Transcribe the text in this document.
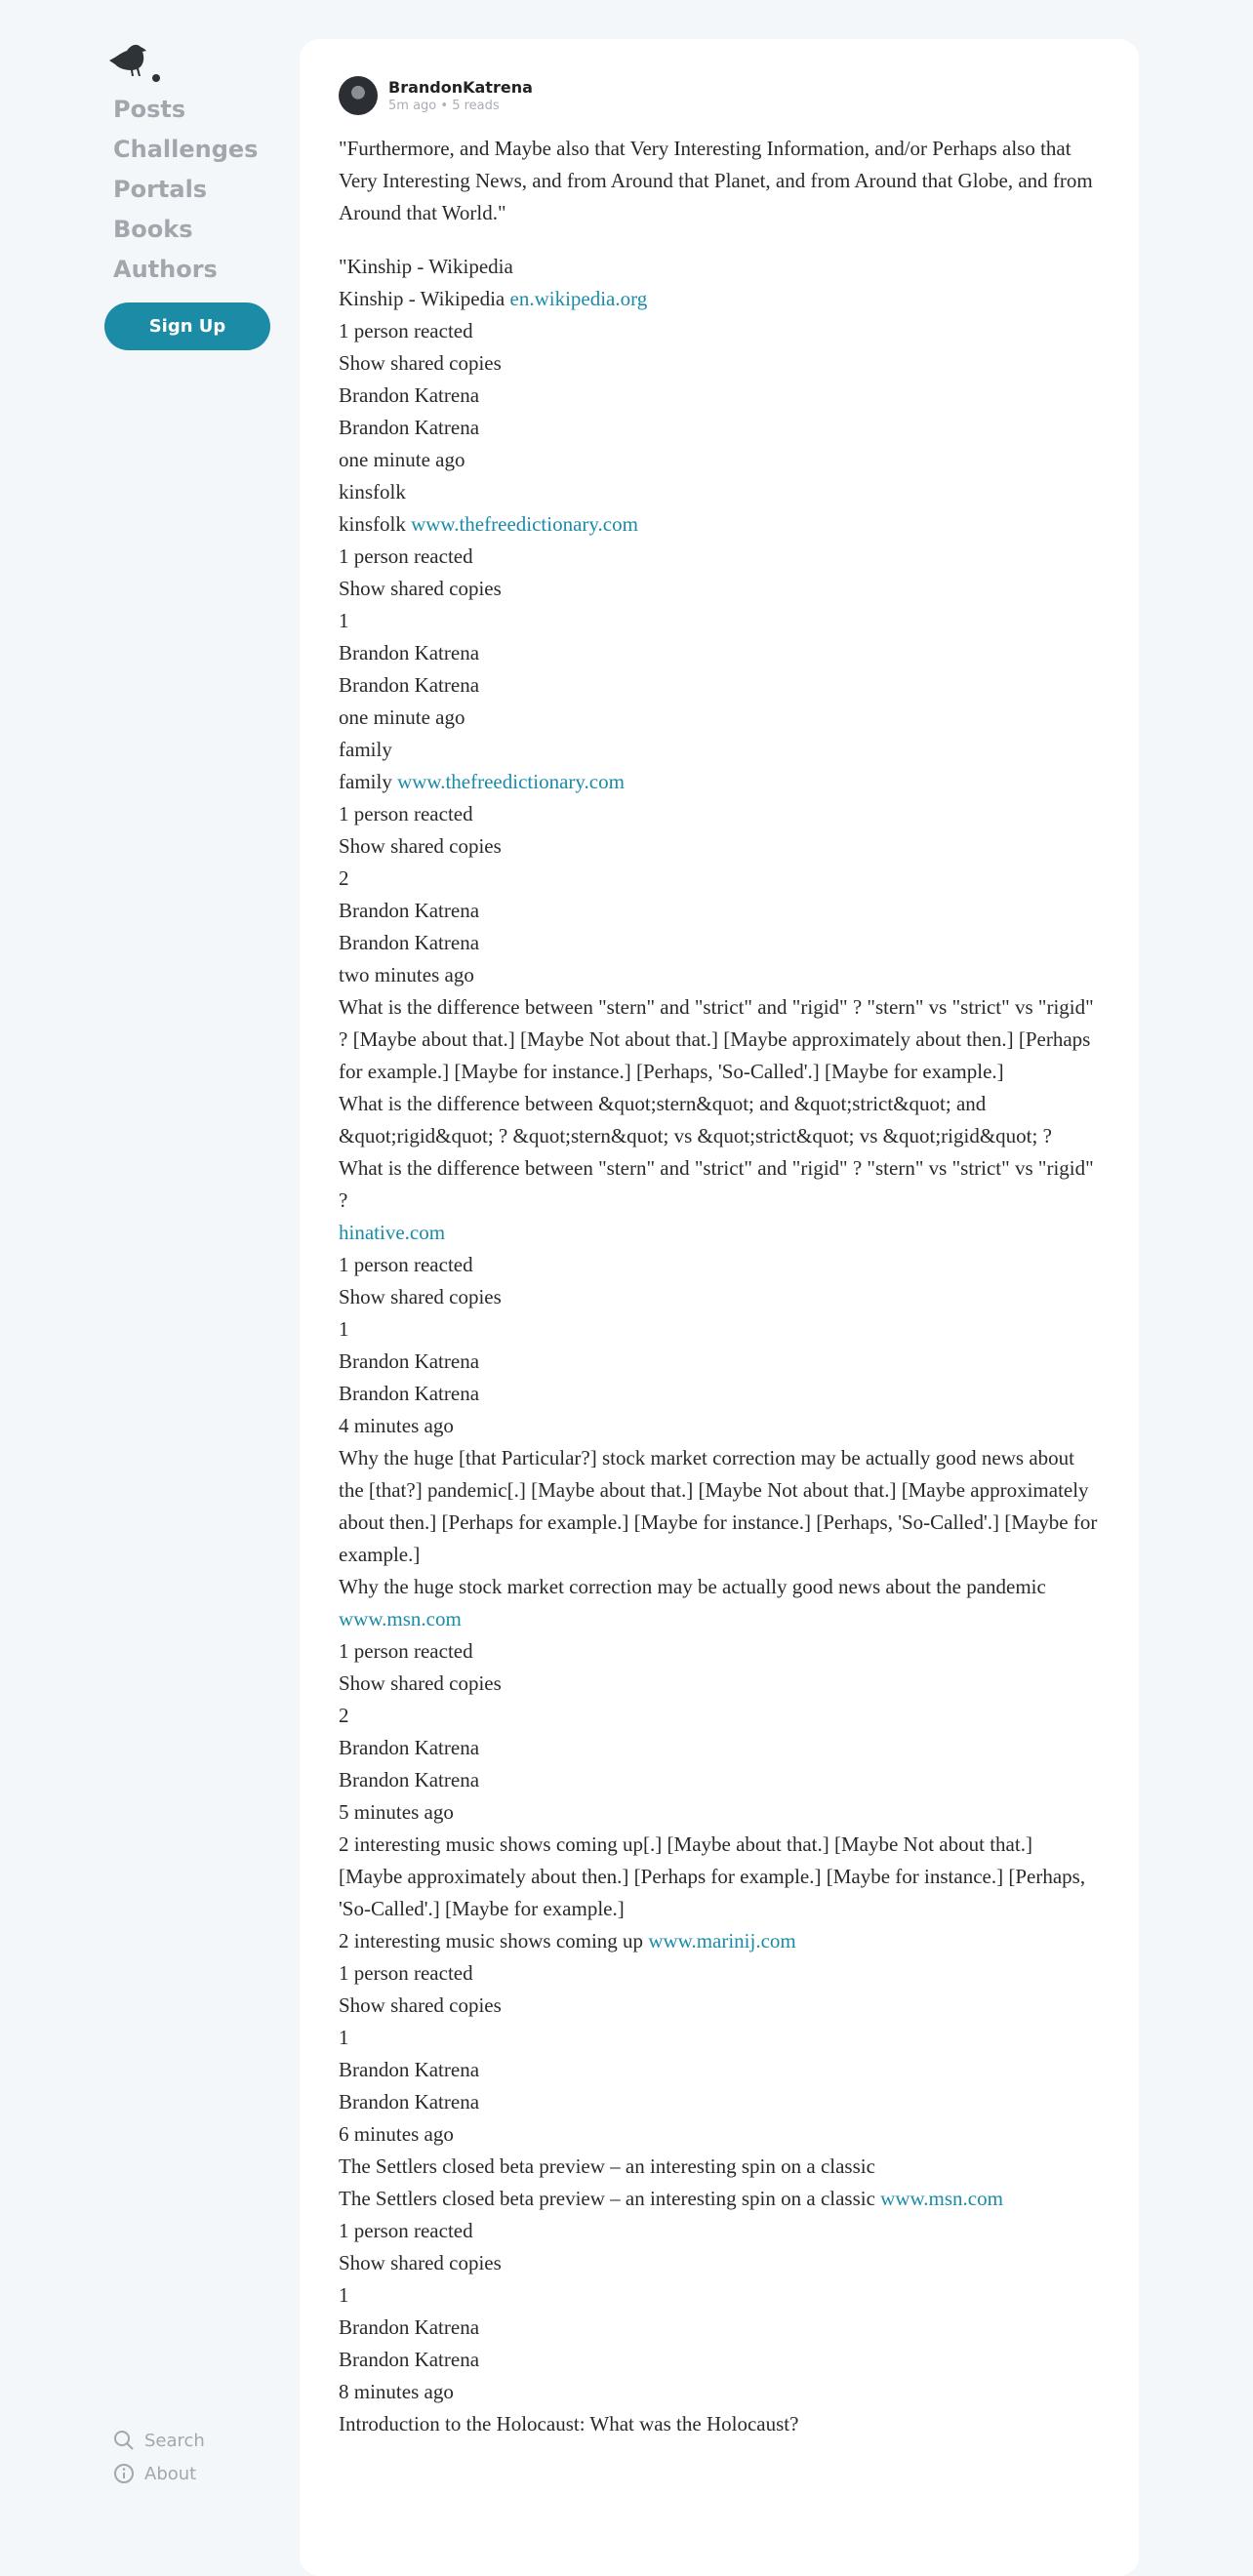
Posts
Challenges
Portals
Books
Authors
Sign Up
Search
About
BrandonKatrena
5m ago • 5 reads

"Furthermore, and Maybe also that Very Interesting Information, and/or Perhaps also that Very Interesting News, and from Around that Planet, and from Around that Globe, and from Around that World."

"Kinship - Wikipedia

Kinship - Wikipedia en.wikipedia.org

1 person reacted

Show shared copies

Brandon Katrena

Brandon Katrena

one minute ago

kinsfolk

kinsfolk www.thefreedictionary.com

1 person reacted

Show shared copies

1

Brandon Katrena

Brandon Katrena

one minute ago

family

family www.thefreedictionary.com

1 person reacted

Show shared copies

2

Brandon Katrena

Brandon Katrena

two minutes ago

What is the difference between "stern" and "strict" and "rigid" ? "stern" vs "strict" vs "rigid" ? [Maybe about that.] [Maybe Not about that.] [Maybe approximately about then.] [Perhaps for example.] [Maybe for instance.] [Perhaps, 'So-Called'.] [Maybe for example.]

What is the difference between &quot;stern&quot; and &quot;strict&quot; and &quot;rigid&quot; ? &quot;stern&quot; vs &quot;strict&quot; vs &quot;rigid&quot; ?

What is the difference between "stern" and "strict" and "rigid" ? "stern" vs "strict" vs "rigid" ?

hinative.com

1 person reacted

Show shared copies

1

Brandon Katrena

Brandon Katrena

4 minutes ago

Why the huge [that Particular?] stock market correction may be actually good news about the [that?] pandemic[.] [Maybe about that.] [Maybe Not about that.] [Maybe approximately about then.] [Perhaps for example.] [Maybe for instance.] [Perhaps, 'So-Called'.] [Maybe for example.]

Why the huge stock market correction may be actually good news about the pandemic www.msn.com

1 person reacted

Show shared copies

2

Brandon Katrena

Brandon Katrena

5 minutes ago

2 interesting music shows coming up[.] [Maybe about that.] [Maybe Not about that.] [Maybe approximately about then.] [Perhaps for example.] [Maybe for instance.] [Perhaps, 'So-Called'.] [Maybe for example.]

2 interesting music shows coming up www.marinij.com

1 person reacted

Show shared copies

1

Brandon Katrena

Brandon Katrena

6 minutes ago

The Settlers closed beta preview – an interesting spin on a classic

The Settlers closed beta preview – an interesting spin on a classic www.msn.com

1 person reacted

Show shared copies

1

Brandon Katrena

Brandon Katrena

8 minutes ago

Introduction to the Holocaust: What was the Holocaust?
